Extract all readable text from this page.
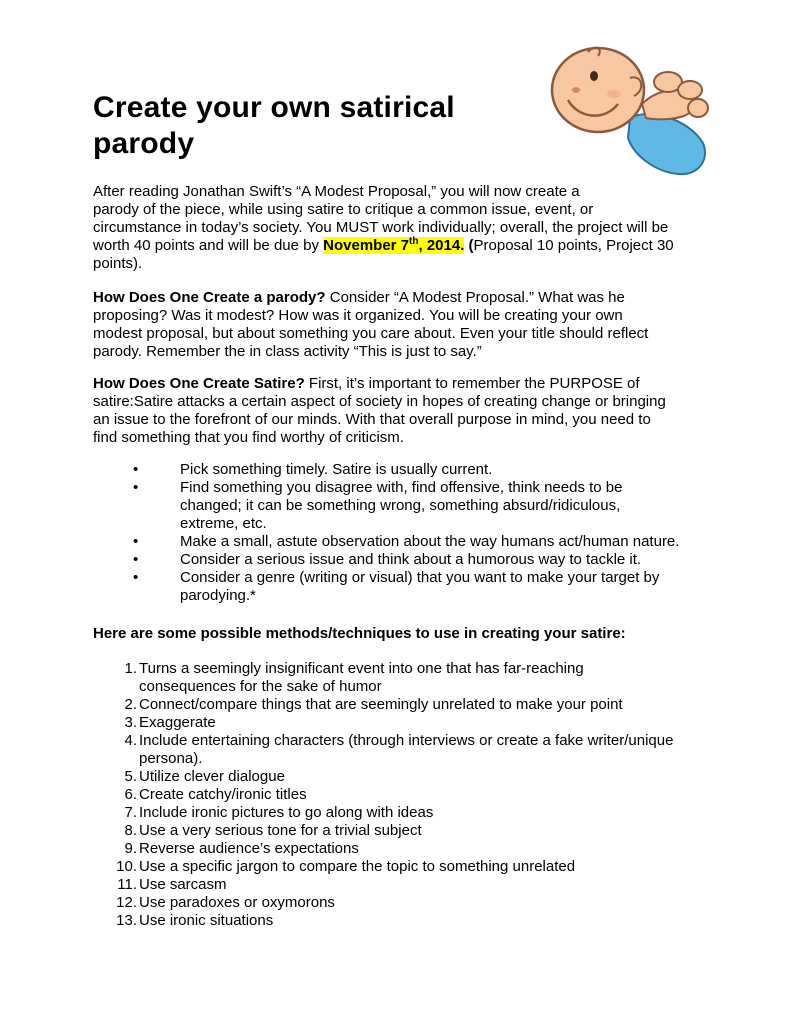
Create your own satirical
parody
After reading Jonathan Swift’s “A Modest Proposal,” you will now create a
parody of the piece, while using satire to critique a common issue, event, or
circumstance in today’s society. You MUST work individually; overall, the project will be
worth 40 points and will be due by November 7th, 2014. (Proposal 10 points, Project 30
points).
How Does One Create a parody? Consider “A Modest Proposal.” What was he
proposing? Was it modest? How was it organized. You will be creating your own
modest proposal, but about something you care about. Even your title should reflect
parody. Remember the in class activity “This is just to say.”
How Does One Create Satire? First, it’s important to remember the PURPOSE of
satire:Satire attacks a certain aspect of society in hopes of creating change or bringing
an issue to the forefront of our minds. With that overall purpose in mind, you need to
find something that you find worthy of criticism.
•	Pick something timely. Satire is usually current.
•	Find something you disagree with, find offensive, think needs to be
changed; it can be something wrong, something absurd/ridiculous,
extreme, etc.
•	Make a small, astute observation about the way humans act/human nature.
•	Consider a serious issue and think about a humorous way to tackle it.
•	Consider a genre (writing or visual) that you want to make your target by
parodying.*
Here are some possible methods/techniques to use in creating your satire:
1. Turns a seemingly insignificant event into one that has far-reaching
consequences for the sake of humor
2. Connect/compare things that are seemingly unrelated to make your point
3. Exaggerate
4. Include entertaining characters (through interviews or create a fake writer/unique
persona).
5. Utilize clever dialogue
6. Create catchy/ironic titles
7. Include ironic pictures to go along with ideas
8. Use a very serious tone for a trivial subject
9. Reverse audience’s expectations
10. Use a specific jargon to compare the topic to something unrelated
11. Use sarcasm
12. Use paradoxes or oxymorons
13. Use ironic situations
